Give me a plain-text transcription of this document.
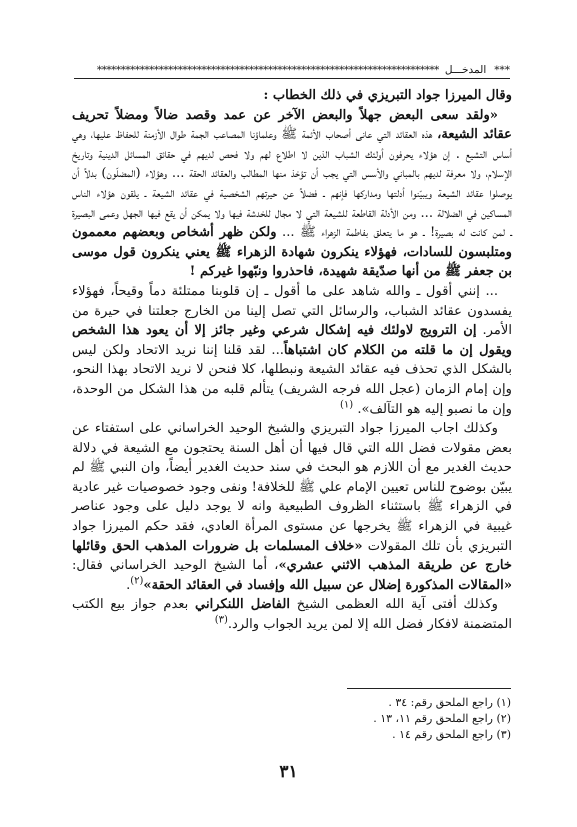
***
المدخـــل
************************************************************************

وقال الميرزا جواد التبريزي في ذلك الخطاب :

«ولقد سعى البعض جهلاً والبعض الآخر عن عمد وقصد ضالاً ومضلاً تحريف عقائد الشيعة، هذه العقائد التي عانى أصحاب الأئمة ﷺ وعلماؤنا المصاعب الجمة طوال الأزمنة للحفاظ عليها، وهي أساس التشيع . إن هؤلاء يحرفون أولئك الشباب الذين لا اطلاع لهم ولا فحص لديهم في حقائق المسائل الدينية وتاريخ الإسلام، ولا معرفة لديهم بالمباني والأسس التي يجب أن تؤخذ منها المطالب والعقائد الحقة ... وهؤلاء (المضلّون) بدلاً أن يوصلوا عقائد الشيعة ويبيّنوا أدلتها ومداركها فإنهم ـ فضلاً عن حيرتهم الشخصية في عقائد الشيعة ـ يلقون هؤلاء الناس المساكين في الضلالة ... ومن الأدلة القاطعة للشيعة التي لا مجال للخدشة فيها ولا يمكن أن يقع فيها الجهل وعمى البصيرة ـ لمن كانت له بصيرة! ـ هو ما يتعلق بفاطمة الزهراء ﷺ ... ولكن ظهر أشخاص وبعضهم معممون ومتلبسون للسادات، فهؤلاء ينكرون شهادة الزهراء ﷺ يعني ينكرون قول موسى بن جعفر ﷺ من أنها صدّيقة شهيدة، فاحذروا ونبّهوا غيركم !

... إنني أقول ـ والله شاهد على ما أقول ـ إن قلوبنا ممتلئة دماً وقيحاً، فهؤلاء يفسدون عقائد الشباب، والرسائل التي تصل إلينا من الخارج جعلتنا في حيرة من الأمر. إن الترويج لاولئك فيه إشكال شرعي وغير جائز إلا أن يعود هذا الشخص ويقول إن ما قلته من الكلام كان اشتباهاً... لقد قلنا إننا نريد الاتحاد ولكن ليس بالشكل الذي تحذف فيه عقائد الشيعة ونبطلها، كلا فنحن لا نريد الاتحاد بهذا النحو، وإن إمام الزمان (عجل الله فرجه الشريف) يتألم قلبه من هذا الشكل من الوحدة، وإن ما نصبو إليه هو التآلف». $^{(١)}$

وكذلك اجاب الميرزا جواد التبريزي والشيخ الوحيد الخراساني على استفتاء عن بعض مقولات فضل الله التي قال فيها أن أهل السنة يحتجون مع الشيعة في دلالة حديث الغدير مع أن اللازم هو البحث في سند حديث الغدير أيضاً، وان النبي ﷺ لم يبيّن بوضوح للناس تعيين الإمام علي ﷺ للخلافة! ونفى وجود خصوصيات غير عادية في الزهراء ﷺ باستثناء الظروف الطبيعية وانه لا يوجد دليل على وجود عناصر غيبية في الزهراء ﷺ يخرجها عن مستوى المرأة العادي، فقد حكم الميرزا جواد التبريزي بأن تلك المقولات «خلاف المسلمات بل ضرورات المذهب الحق وقائلها خارج عن طريقة المذهب الاثني عشري»، أما الشيخ الوحيد الخراساني فقال: «المقالات المذكورة إضلال عن سبيل الله وإفساد في العقائد الحقة»$^{(٢)}$.

وكذلك أفتى آية الله العظمى الشيخ الفاضل اللنكراني بعدم جواز بيع الكتب المتضمنة لافكار فضل الله إلا لمن يريد الجواب والرد.$^{(٣)}$

(١) راجع الملحق رقم: ٣٤ .
(٢) راجع الملحق رقم ١١، ١٣ .
(٣) راجع الملحق رقم ١٤ .
٣١
